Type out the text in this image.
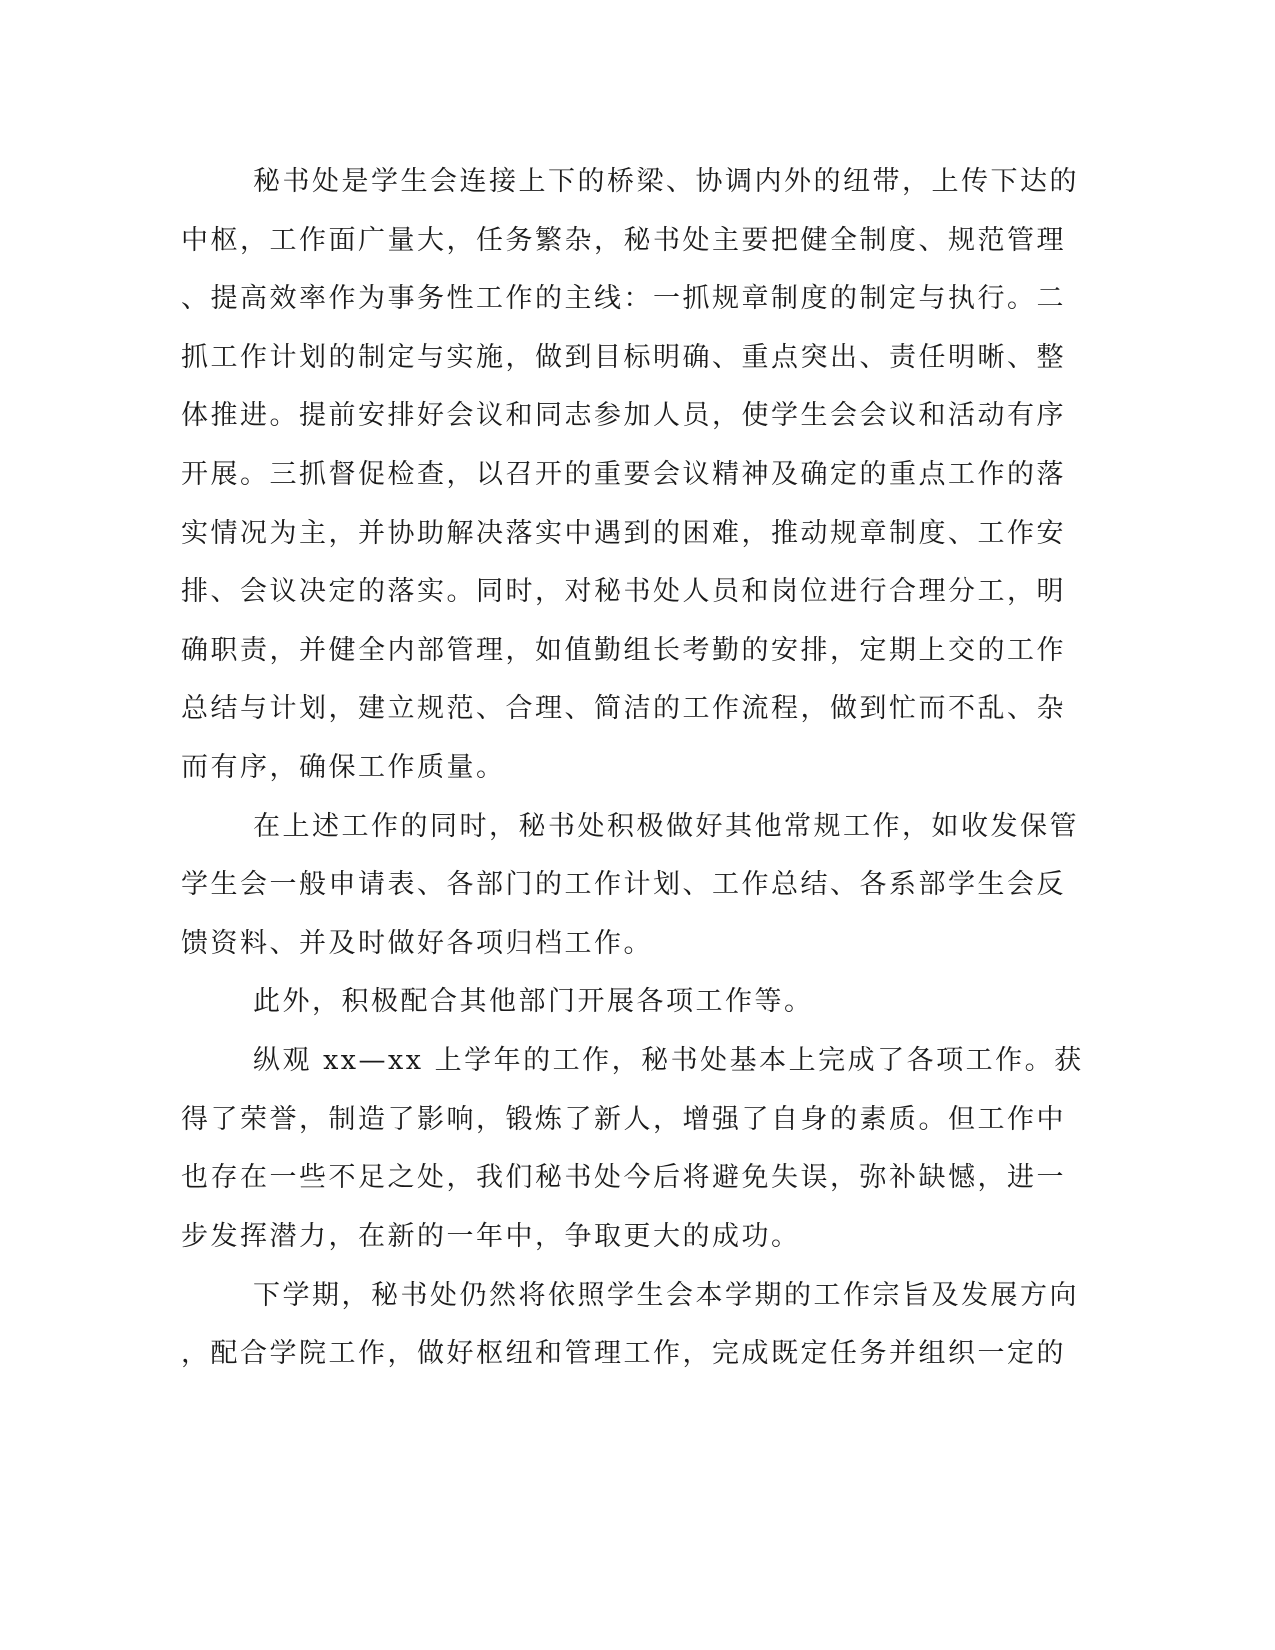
秘书处是学生会连接上下的桥梁、协调内外的纽带，上传下达的

中枢，工作面广量大，任务繁杂，秘书处主要把健全制度、规范管理

、提高效率作为事务性工作的主线：一抓规章制度的制定与执行。二

抓工作计划的制定与实施，做到目标明确、重点突出、责任明晰、整

体推进。提前安排好会议和同志参加人员，使学生会会议和活动有序

开展。三抓督促检查，以召开的重要会议精神及确定的重点工作的落

实情况为主，并协助解决落实中遇到的困难，推动规章制度、工作安

排、会议决定的落实。同时，对秘书处人员和岗位进行合理分工，明

确职责，并健全内部管理，如值勤组长考勤的安排，定期上交的工作

总结与计划，建立规范、合理、简洁的工作流程，做到忙而不乱、杂

而有序，确保工作质量。

在上述工作的同时，秘书处积极做好其他常规工作，如收发保管

学生会一般申请表、各部门的工作计划、工作总结、各系部学生会反

馈资料、并及时做好各项归档工作。

此外，积极配合其他部门开展各项工作等。

纵观 xx—xx 上学年的工作，秘书处基本上完成了各项工作。获

得了荣誉，制造了影响，锻炼了新人，增强了自身的素质。但工作中

也存在一些不足之处，我们秘书处今后将避免失误，弥补缺憾，进一

步发挥潜力，在新的一年中，争取更大的成功。

下学期，秘书处仍然将依照学生会本学期的工作宗旨及发展方向

，配合学院工作，做好枢纽和管理工作，完成既定任务并组织一定的
